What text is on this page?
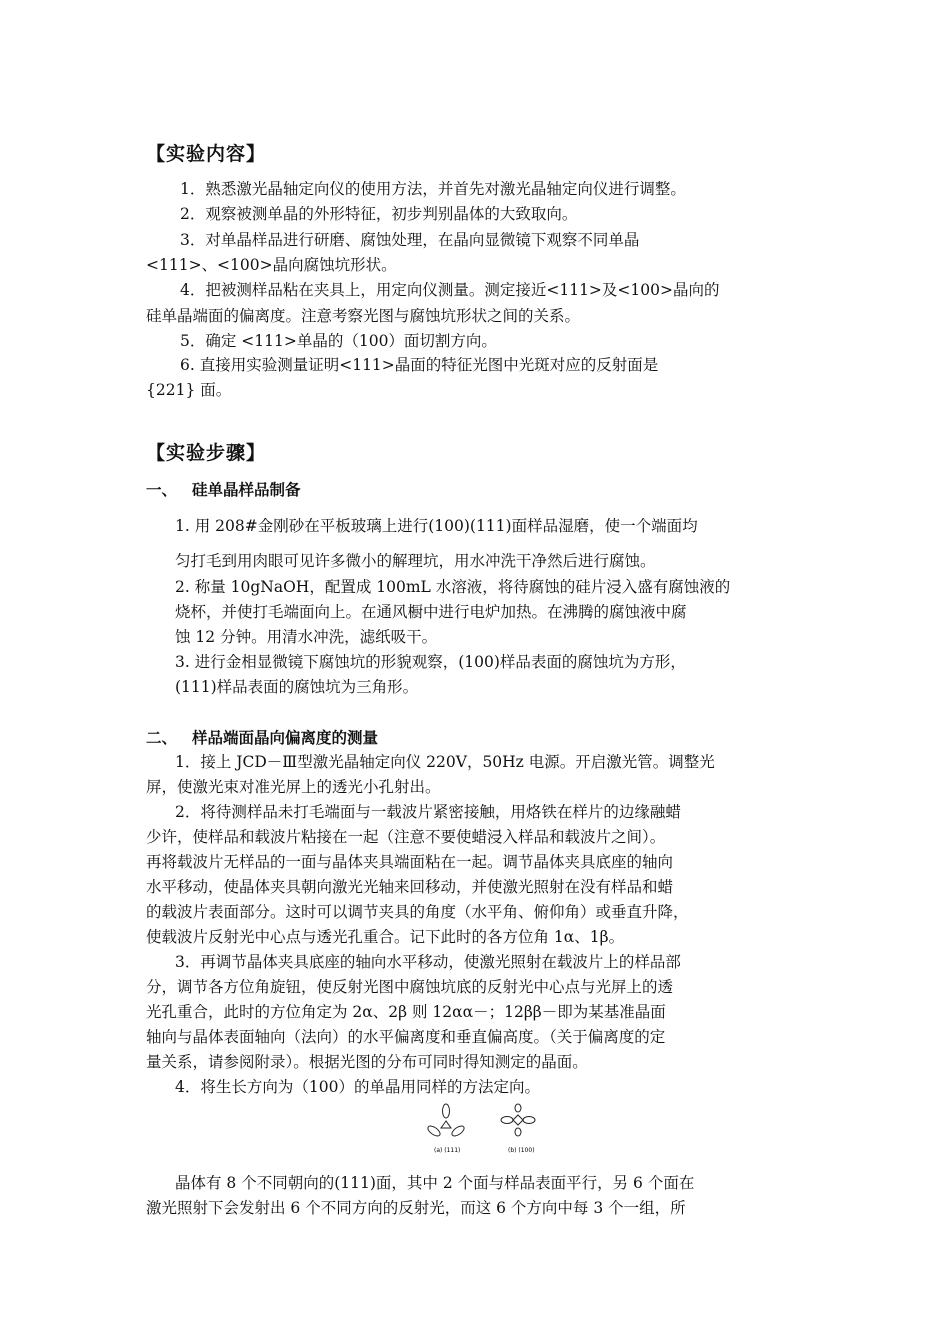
【实验内容】
1．熟悉激光晶轴定向仪的使用方法，并首先对激光晶轴定向仪进行调整。
2．观察被测单晶的外形特征，初步判别晶体的大致取向。
3．对单晶样品进行研磨、腐蚀处理，在晶向显微镜下观察不同单晶
<111>、<100>晶向腐蚀坑形状。
4．把被测样品粘在夹具上，用定向仪测量。测定接近<111>及<100>晶向的
硅单晶端面的偏离度。注意考察光图与腐蚀坑形状之间的关系。
5．确定 <111>单晶的（100）面切割方向。
6. 直接用实验测量证明<111>晶面的特征光图中光斑对应的反射面是
{221} 面。
【实验步骤】
一、 硅单晶样品制备
1. 用 208#金刚砂在平板玻璃上进行(100)(111)面样品湿磨，使一个端面均
匀打毛到用肉眼可见许多微小的解理坑，用水冲洗干净然后进行腐蚀。
2. 称量 10gNaOH，配置成 100mL 水溶液，将待腐蚀的硅片浸入盛有腐蚀液的
烧杯，并使打毛端面向上。在通风橱中进行电炉加热。在沸腾的腐蚀液中腐
蚀 12 分钟。用清水冲洗，滤纸吸干。
3. 进行金相显微镜下腐蚀坑的形貌观察，(100)样品表面的腐蚀坑为方形，
(111)样品表面的腐蚀坑为三角形。
二、 样品端面晶向偏离度的测量
1．接上 JCD－Ⅲ型激光晶轴定向仪 220V，50Hz 电源。开启激光管。调整光
屏，使激光束对准光屏上的透光小孔射出。
2．将待测样品未打毛端面与一载波片紧密接触，用烙铁在样片的边缘融蜡
少许，使样品和载波片粘接在一起（注意不要使蜡浸入样品和载波片之间）。
再将载波片无样品的一面与晶体夹具端面粘在一起。调节晶体夹具底座的轴向
水平移动，使晶体夹具朝向激光光轴来回移动，并使激光照射在没有样品和蜡
的载波片表面部分。这时可以调节夹具的角度（水平角、俯仰角）或垂直升降，
使载波片反射光中心点与透光孔重合。记下此时的各方位角 1α、1β。
3．再调节晶体夹具底座的轴向水平移动，使激光照射在载波片上的样品部
分，调节各方位角旋钮，使反射光图中腐蚀坑底的反射光中心点与光屏上的透
光孔重合，此时的方位角定为 2α、2β 则 12αα－；12ββ－即为某基准晶面
轴向与晶体表面轴向（法向）的水平偏离度和垂直偏高度。（关于偏离度的定
量关系，请参阅附录）。根据光图的分布可同时得知测定的晶面。
4．将生长方向为（100）的单晶用同样的方法定向。
(a) (111)	(b) (100)
晶体有 8 个不同朝向的(111)面，其中 2 个面与样品表面平行，另 6 个面在
激光照射下会发射出 6 个不同方向的反射光，而这 6 个方向中每 3 个一组，所
